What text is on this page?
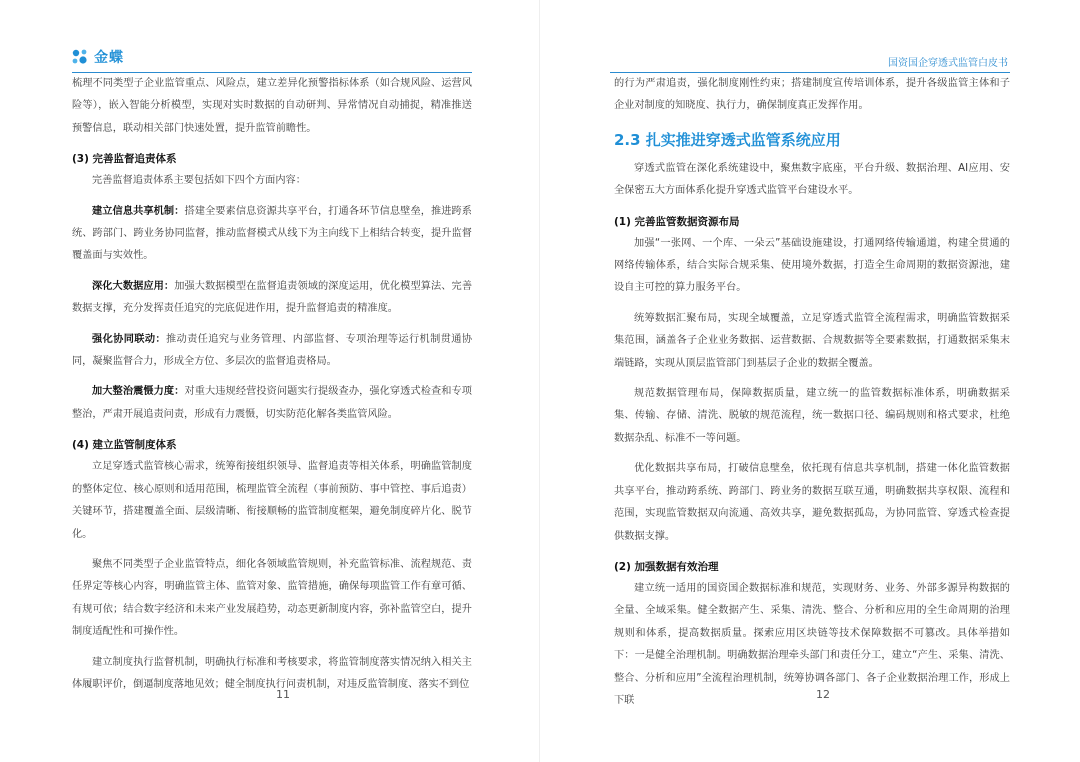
金蝶

梳理不同类型子企业监管重点、风险点，建立差异化预警指标体系（如合规风险、运营风险等），嵌入智能分析模型，实现对实时数据的自动研判、异常情况自动捕捉，精准推送预警信息，联动相关部门快速处置，提升监管前瞻性。

(3) 完善监督追责体系

完善监督追责体系主要包括如下四个方面内容：

建立信息共享机制：搭建全要素信息资源共享平台，打通各环节信息壁垒，推进跨系统、跨部门、跨业务协同监督，推动监督模式从线下为主向线下上相结合转变，提升监督覆盖面与实效性。

深化大数据应用：加强大数据模型在监督追责领域的深度运用，优化模型算法、完善数据支撑，充分发挥责任追究的完底促进作用，提升监督追责的精准度。

强化协同联动：推动责任追究与业务管理、内部监督、专项治理等运行机制贯通协同，凝聚监督合力，形成全方位、多层次的监督追责格局。

加大整治震慑力度：对重大违规经营投资问题实行提级查办，强化穿透式检查和专项整治，严肃开展追责问责，形成有力震慑，切实防范化解各类监管风险。

(4) 建立监管制度体系

立足穿透式监管核心需求，统筹衔接组织领导、监督追责等相关体系，明确监管制度的整体定位、核心原则和适用范围，梳理监管全流程（事前预防、事中管控、事后追责）关键环节，搭建覆盖全面、层级清晰、衔接顺畅的监管制度框架，避免制度碎片化、脱节化。

聚焦不同类型子企业监管特点，细化各领域监管规则，补充监管标准、流程规范、责任界定等核心内容，明确监管主体、监管对象、监管措施，确保每项监管工作有章可循、有规可依；结合数字经济和未来产业发展趋势，动态更新制度内容，弥补监管空白，提升制度适配性和可操作性。

建立制度执行监督机制，明确执行标准和考核要求，将监管制度落实情况纳入相关主体履职评价，倒逼制度落地见效；健全制度执行问责机制，对违反监管制度、落实不到位

11
国资国企穿透式监管白皮书

的行为严肃追责，强化制度刚性约束；搭建制度宣传培训体系，提升各级监管主体和子企业对制度的知晓度、执行力，确保制度真正发挥作用。

2.3 扎实推进穿透式监管系统应用

穿透式监管在深化系统建设中，聚焦数字底座，平台升级、数据治理、AI应用、安全保密五大方面体系化提升穿透式监管平台建设水平。

(1) 完善监管数据资源布局

加强“一张网、一个库、一朵云”基础设施建设，打通网络传输通道，构建全贯通的网络传输体系，结合实际合规采集、使用境外数据，打造全生命周期的数据资源池，建设自主可控的算力服务平台。

统筹数据汇聚布局，实现全域覆盖，立足穿透式监管全流程需求，明确监管数据采集范围，涵盖各子企业业务数据、运营数据、合规数据等全要素数据，打通数据采集末端链路，实现从顶层监管部门到基层子企业的数据全覆盖。

规范数据管理布局，保障数据质量，建立统一的监管数据标准体系，明确数据采集、传输、存储、清洗、脱敏的规范流程，统一数据口径、编码规则和格式要求，杜绝数据杂乱、标准不一等问题。

优化数据共享布局，打破信息壁垒，依托现有信息共享机制，搭建一体化监管数据共享平台，推动跨系统、跨部门、跨业务的数据互联互通，明确数据共享权限、流程和范围，实现监管数据双向流通、高效共享，避免数据孤岛，为协同监管、穿透式检查提供数据支撑。

(2) 加强数据有效治理

建立统一适用的国资国企数据标准和规范，实现财务、业务、外部多源异构数据的全量、全域采集。健全数据产生、采集、清洗、整合、分析和应用的全生命周期的治理规则和体系，提高数据质量。探索应用区块链等技术保障数据不可篡改。具体举措如下：一是健全治理机制。明确数据治理牵头部门和责任分工，建立“产生、采集、清洗、整合、分析和应用”全流程治理机制，统筹协调各部门、各子企业数据治理工作，形成上下联	12
